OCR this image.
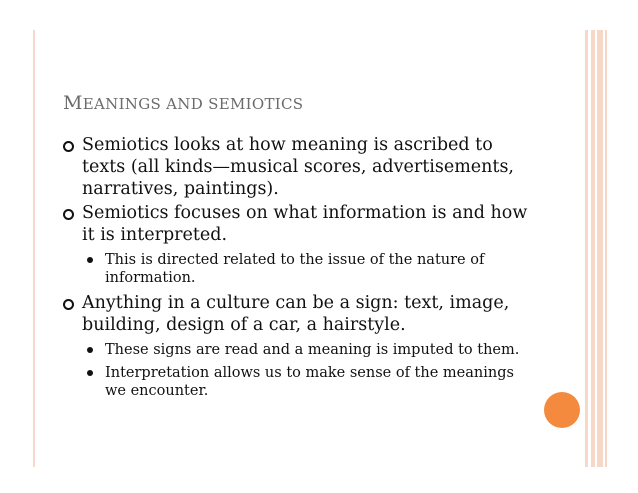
MEANINGS AND SEMIOTICS
Semiotics looks at how meaning is ascribed to texts (all kinds—musical scores, advertisements, narratives, paintings).
Semiotics focuses on what information is and how it is interpreted.
This is directed related to the issue of the nature of information.
Anything in a culture can be a sign: text, image, building, design of a car, a hairstyle.
These signs are read and a meaning is imputed to them.
Interpretation allows us to make sense of the meanings we encounter.
